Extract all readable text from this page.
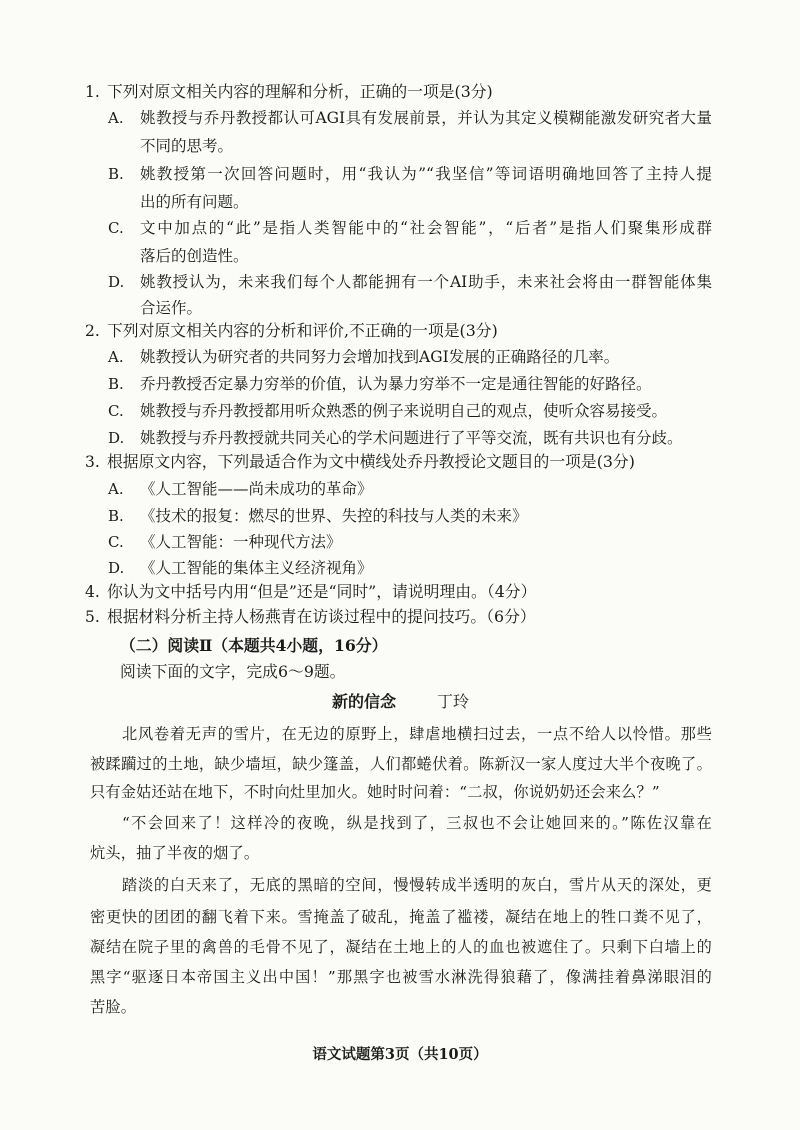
1. 下列对原文相关内容的理解和分析，正确的一项是(3分)
A. 姚教授与乔丹教授都认可AGI具有发展前景，并认为其定义模糊能激发研究者大量
不同的思考。
B. 姚教授第一次回答问题时，用“我认为”“我坚信”等词语明确地回答了主持人提
出的所有问题。
C. 文中加点的“此”是指人类智能中的“社会智能”，“后者”是指人们聚集形成群
落后的创造性。
D. 姚教授认为，未来我们每个人都能拥有一个AI助手，未来社会将由一群智能体集
合运作。
2. 下列对原文相关内容的分析和评价,不正确的一项是(3分)
A. 姚教授认为研究者的共同努力会增加找到AGI发展的正确路径的几率。
B. 乔丹教授否定暴力穷举的价值，认为暴力穷举不一定是通往智能的好路径。
C. 姚教授与乔丹教授都用听众熟悉的例子来说明自己的观点，使听众容易接受。
D. 姚教授与乔丹教授就共同关心的学术问题进行了平等交流，既有共识也有分歧。
3. 根据原文内容，下列最适合作为文中横线处乔丹教授论文题目的一项是(3分)
A. 《人工智能——尚未成功的革命》
B. 《技术的报复：燃尽的世界、失控的科技与人类的未来》
C. 《人工智能：一种现代方法》
D. 《人工智能的集体主义经济视角》
4. 你认为文中括号内用“但是”还是“同时”，请说明理由。（4分）
5. 根据材料分析主持人杨燕青在访谈过程中的提问技巧。（6分）
（二）阅读Ⅱ（本题共4小题，16分）
阅读下面的文字，完成6～9题。
新的信念	丁玲
北风卷着无声的雪片，在无边的原野上，肆虐地横扫过去，一点不给人以怜惜。那些
被蹂躏过的土地，缺少墙垣，缺少篷盖，人们都蜷伏着。陈新汉一家人度过大半个夜晚了。
只有金姑还站在地下，不时向灶里加火。她时时问着：“二叔，你说奶奶还会来么？”
“不会回来了！这样冷的夜晚，纵是找到了，三叔也不会让她回来的。”陈佐汉靠在
炕头，抽了半夜的烟了。
踏淡的白天来了，无底的黑暗的空间，慢慢转成半透明的灰白，雪片从天的深处，更
密更快的团团的翻飞着下来。雪掩盖了破乱，掩盖了褴褛，凝结在地上的牲口粪不见了，
凝结在院子里的禽兽的毛骨不见了，凝结在土地上的人的血也被遮住了。只剩下白墙上的
黑字“驱逐日本帝国主义出中国！”那黑字也被雪水淋洗得狼藉了，像满挂着鼻涕眼泪的
苦脸。
语文试题第3页（共10页）
